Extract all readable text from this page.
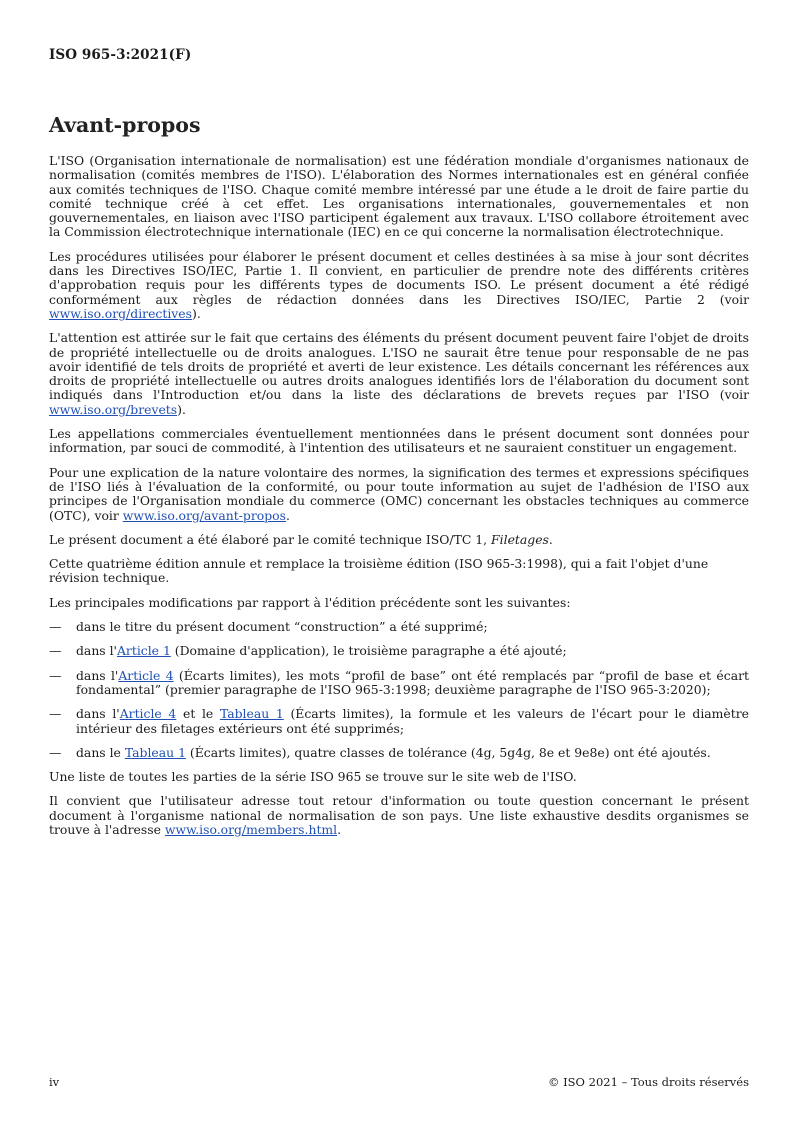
ISO 965-3:2021(F)
Avant-propos

L'ISO (Organisation internationale de normalisation) est une fédération mondiale d'organismes nationaux de normalisation (comités membres de l'ISO). L'élaboration des Normes internationales est en général confiée aux comités techniques de l'ISO. Chaque comité membre intéressé par une étude a le droit de faire partie du comité technique créé à cet effet. Les organisations internationales, gouvernementales et non gouvernementales, en liaison avec l'ISO participent également aux travaux. L'ISO collabore étroitement avec la Commission électrotechnique internationale (IEC) en ce qui concerne la normalisation électrotechnique.

Les procédures utilisées pour élaborer le présent document et celles destinées à sa mise à jour sont décrites dans les Directives ISO/IEC, Partie 1. Il convient, en particulier de prendre note des différents critères d'approbation requis pour les différents types de documents ISO. Le présent document a été rédigé conformément aux règles de rédaction données dans les Directives ISO/IEC, Partie 2 (voir www.iso.org/directives).

L'attention est attirée sur le fait que certains des éléments du présent document peuvent faire l'objet de droits de propriété intellectuelle ou de droits analogues. L'ISO ne saurait être tenue pour responsable de ne pas avoir identifié de tels droits de propriété et averti de leur existence. Les détails concernant les références aux droits de propriété intellectuelle ou autres droits analogues identifiés lors de l'élaboration du document sont indiqués dans l'Introduction et/ou dans la liste des déclarations de brevets reçues par l'ISO (voir www.iso.org/brevets).

Les appellations commerciales éventuellement mentionnées dans le présent document sont données pour information, par souci de commodité, à l'intention des utilisateurs et ne sauraient constituer un engagement.

Pour une explication de la nature volontaire des normes, la signification des termes et expressions spécifiques de l'ISO liés à l'évaluation de la conformité, ou pour toute information au sujet de l'adhésion de l'ISO aux principes de l'Organisation mondiale du commerce (OMC) concernant les obstacles techniques au commerce (OTC), voir www.iso.org/avant-propos.

Le présent document a été élaboré par le comité technique ISO/TC 1, Filetages.

Cette quatrième édition annule et remplace la troisième édition (ISO 965-3:1998), qui a fait l'objet d'une révision technique.

Les principales modifications par rapport à l'édition précédente sont les suivantes:

— dans le titre du présent document “construction” a été supprimé;
— dans l'Article 1 (Domaine d'application), le troisième paragraphe a été ajouté;
— dans l'Article 4 (Écarts limites), les mots “profil de base” ont été remplacés par “profil de base et écart fondamental” (premier paragraphe de l'ISO 965-3:1998; deuxième paragraphe de l'ISO 965-3:2020);
— dans l'Article 4 et le Tableau 1 (Écarts limites), la formule et les valeurs de l'écart pour le diamètre intérieur des filetages extérieurs ont été supprimés;
— dans le Tableau 1 (Écarts limites), quatre classes de tolérance (4g, 5g4g, 8e et 9e8e) ont été ajoutés.

Une liste de toutes les parties de la série ISO 965 se trouve sur le site web de l'ISO.

Il convient que l'utilisateur adresse tout retour d'information ou toute question concernant le présent document à l'organisme national de normalisation de son pays. Une liste exhaustive desdits organismes se trouve à l'adresse www.iso.org/members.html.

iv	© ISO 2021 – Tous droits réservés
